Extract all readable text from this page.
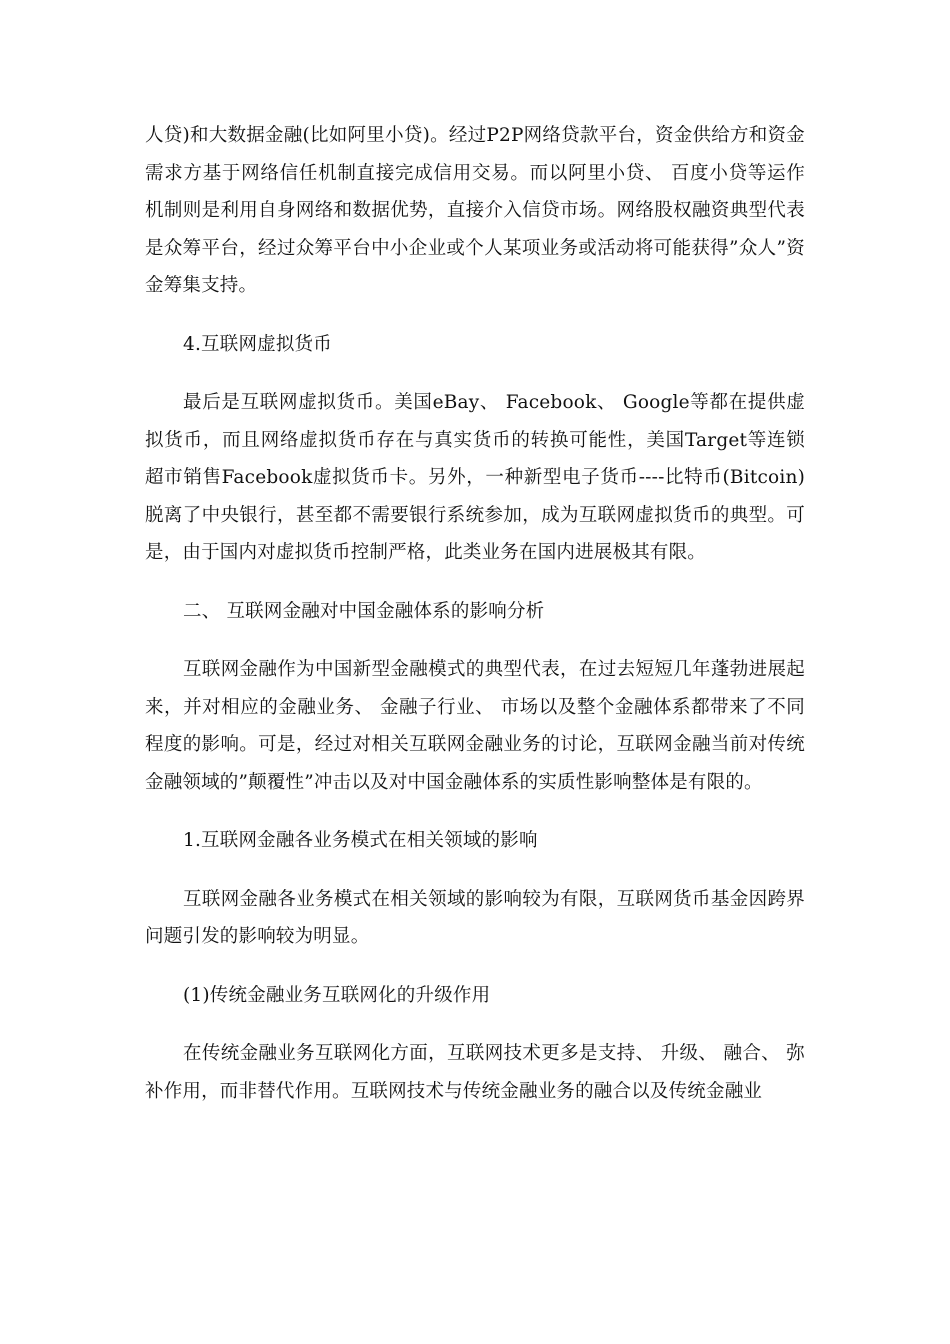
人贷)和大数据金融(比如阿里小贷)。经过P2P网络贷款平台，资金供给方和资金需求方基于网络信任机制直接完成信用交易。而以阿里小贷、 百度小贷等运作机制则是利用自身网络和数据优势，直接介入信贷市场。网络股权融资典型代表是众筹平台，经过众筹平台中小企业或个人某项业务或活动将可能获得”众人”资金筹集支持。

4.互联网虚拟货币

最后是互联网虚拟货币。美国eBay、 Facebook、 Google等都在提供虚拟货币，而且网络虚拟货币存在与真实货币的转换可能性，美国Target等连锁超市销售Facebook虚拟货币卡。另外，一种新型电子货币----比特币(Bitcoin)脱离了中央银行，甚至都不需要银行系统参加，成为互联网虚拟货币的典型。可是，由于国内对虚拟货币控制严格，此类业务在国内进展极其有限。

二、 互联网金融对中国金融体系的影响分析

互联网金融作为中国新型金融模式的典型代表，在过去短短几年蓬勃进展起来，并对相应的金融业务、 金融子行业、 市场以及整个金融体系都带来了不同程度的影响。可是，经过对相关互联网金融业务的讨论，互联网金融当前对传统金融领域的”颠覆性”冲击以及对中国金融体系的实质性影响整体是有限的。

1.互联网金融各业务模式在相关领域的影响

互联网金融各业务模式在相关领域的影响较为有限，互联网货币基金因跨界问题引发的影响较为明显。

(1)传统金融业务互联网化的升级作用

在传统金融业务互联网化方面，互联网技术更多是支持、 升级、 融合、 弥补作用，而非替代作用。互联网技术与传统金融业务的融合以及传统金融业
